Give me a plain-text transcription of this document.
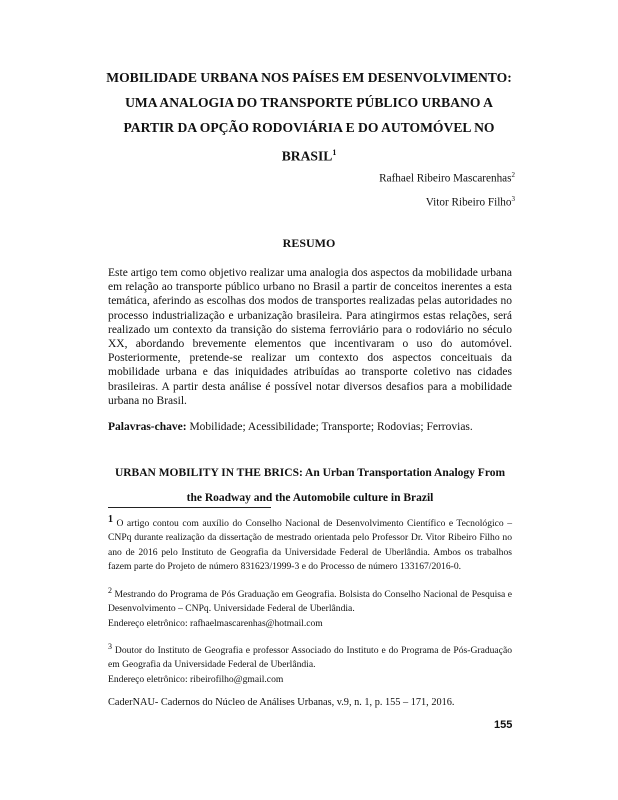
MOBILIDADE URBANA NOS PAÍSES EM DESENVOLVIMENTO:
UMA ANALOGIA DO TRANSPORTE PÚBLICO URBANO A
PARTIR DA OPÇÃO RODOVIÁRIA E DO AUTOMÓVEL NO
BRASIL$^1$
Rafhael Ribeiro Mascarenhas$^2$
Vitor Ribeiro Filho$^3$
RESUMO

Este artigo tem como objetivo realizar uma analogia dos aspectos da mobilidade urbana em relação ao transporte público urbano no Brasil a partir de conceitos inerentes a esta temática, aferindo as escolhas dos modos de transportes realizadas pelas autoridades no processo industrialização e urbanização brasileira. Para atingirmos estas relações, será realizado um contexto da transição do sistema ferroviário para o rodoviário no século XX, abordando brevemente elementos que incentivaram o uso do automóvel. Posteriormente, pretende-se realizar um contexto dos aspectos conceituais da mobilidade urbana e das iniquidades atribuídas ao transporte coletivo nas cidades brasileiras. A partir desta análise é possível notar diversos desafios para a mobilidade urbana no Brasil.

Palavras-chave: Mobilidade; Acessibilidade; Transporte; Rodovias; Ferrovias.
URBAN MOBILITY IN THE BRICS: An Urban Transportation Analogy From
the Roadway and the Automobile culture in Brazil

$^1$ O artigo contou com auxílio do Conselho Nacional de Desenvolvimento Científico e Tecnológico – CNPq durante realização da dissertação de mestrado orientada pelo Professor Dr. Vitor Ribeiro Filho no ano de 2016 pelo Instituto de Geografia da Universidade Federal de Uberlândia. Ambos os trabalhos fazem parte do Projeto de número 831623/1999-3 e do Processo de número 133167/2016-0.

$^2$ Mestrando do Programa de Pós Graduação em Geografia. Bolsista do Conselho Nacional de Pesquisa e Desenvolvimento – CNPq. Universidade Federal de Uberlândia.
Endereço eletrônico: rafhaelmascarenhas@hotmail.com
$^3$ Doutor do Instituto de Geografia e professor Associado do Instituto e do Programa de Pós-Graduação em Geografia da Universidade Federal de Uberlândia.
Endereço eletrônico: ribeirofilho@gmail.com
CaderNAU- Cadernos do Núcleo de Análises Urbanas, v.9, n. 1, p. 155 – 171, 2016.
155
